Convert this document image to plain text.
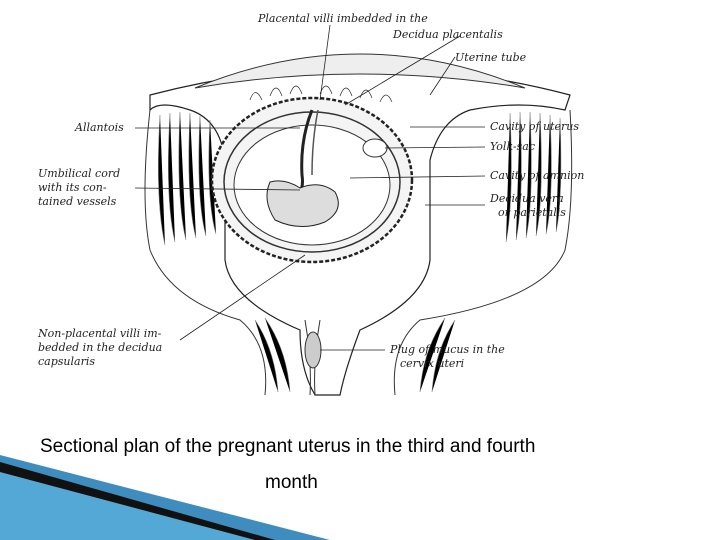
Placental villi imbedded in the
Decidua placentalis
Uterine tube
Allantois
Umbilical cord
with its con-
tained vessels
Cavity of uterus
Yolk-sac
Cavity of amnion
Decidua vera
or parietalis
Non-placental villi im-
bedded in the decidua
capsularis
Plug of mucus in the
cervix uteri
Sectional plan of the pregnant uterus in the third and fourth
month
